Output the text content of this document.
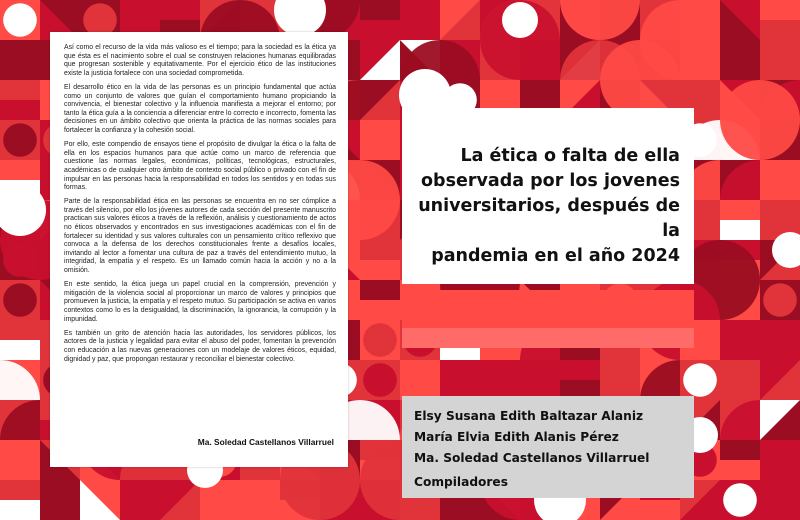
Así como el recurso de la vida más valioso es el tiempo; para la sociedad es la ética ya que ésta es el nacimiento sobre el cual se construyen relaciones humanas equilibradas que progresan sostenible y equitativamente. Por el ejercicio ético de las instituciones existe la justicia fortalece con una sociedad comprometida.

El desarrollo ético en la vida de las personas es un principio fundamental que actúa como un conjunto de valores que guían el comportamiento humano propiciando la convivencia, el bienestar colectivo y la influencia manifiesta a mejorar el entorno; por tanto la ética guía a la conciencia a diferenciar entre lo correcto e incorrecto, fomenta las decisiones en un ámbito colectivo que orienta la práctica de las normas sociales para fortalecer la confianza y la cohesión social.

Por ello, este compendio de ensayos tiene el propósito de divulgar la ética o la falta de ella en los espacios humanos para que actúe como un marco de referencia que cuestione las normas legales, económicas, políticas, tecnológicas, estructurales, académicas o de cualquier otro ámbito de contexto social público o privado con el fin de impulsar en las personas hacia la responsabilidad en todos los sentidos y en todas sus formas.

Parte de la responsabilidad ética en las personas se encuentra en no ser cómplice a través del silencio, por ello los jóvenes autores de cada sección del presente manuscrito practican sus valores éticos a través de la reflexión, análisis y cuestionamiento de actos no éticos observados y encontrados en sus investigaciones académicas con el fin de fortalecer su identidad y sus valores culturales con un pensamiento crítico reflexivo que convoca a la defensa de los derechos constitucionales frente a desafíos locales, invitando al lector a fomentar una cultura de paz a través del entendimiento mutuo, la integridad, la empatía y el respeto. Es un llamado común hacia la acción y no a la omisión.

En este sentido, la ética juega un papel crucial en la comprensión, prevención y mitigación de la violencia social al proporcionar un marco de valores y principios que promueven la justicia, la empatía y el respeto mutuo. Su participación se activa en varios contextos como lo es la desigualdad, la discriminación, la ignorancia, la corrupción y la impunidad.

Es también un grito de atención hacia las autoridades, los servidores públicos, los actores de la justicia y legalidad para evitar el abuso del poder, fomentan la prevención con educación a las nuevas generaciones con un modelaje de valores éticos, equidad, dignidad y paz, que propongan restaurar y reconciliar el bienestar colectivo.

Ma. Soledad Castellanos Villarruel
La ética o falta de ella
observada por los jovenes
universitarios, después de la
pandemia en el año 2024
Elsy Susana Edith Baltazar Alaniz
María Elvia Edith Alanis Pérez
Ma. Soledad Castellanos Villarruel
Compiladores
